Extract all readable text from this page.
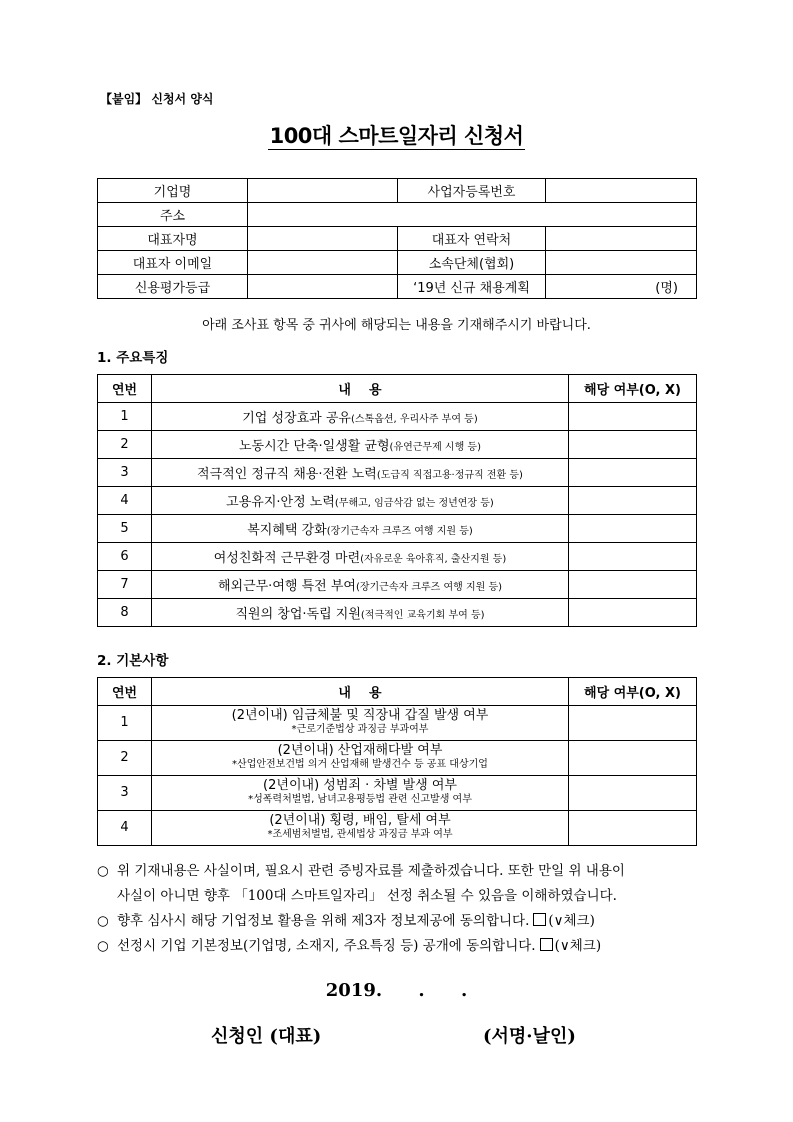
【붙임】 신청서 양식
100대 스마트일자리 신청서
기업명		사업자등록번호	
주소			
대표자명		대표자 연락처	
대표자 이메일		소속단체(협회)	
신용평가등급		‘19년 신규 채용계획	(명)
아래 조사표 항목 중 귀사에 해당되는 내용을 기재해주시기 바랍니다.
1. 주요특징
연번	내    용	해당 여부(O, X)
1	기업 성장효과 공유(스톡옵션, 우리사주 부여 등)	
2	노동시간 단축·일생활 균형(유연근무제 시행 등)	
3	적극적인 정규직 채용·전환 노력(도급직 직접고용·정규직 전환 등)	
4	고용유지·안정 노력(무해고, 임금삭감 없는 정년연장 등)	
5	복지혜택 강화(장기근속자 크루즈 여행 지원 등)	
6	여성친화적 근무환경 마련(자유로운 육아휴직, 출산지원 등)	
7	해외근무·여행 특전 부여(장기근속자 크루즈 여행 지원 등)	
8	직원의 창업·독립 지원(적극적인 교육기회 부여 등)	
2. 기본사항
연번	내    용	해당 여부(O, X)
1	(2년이내) 임금체불 및 직장내 갑질 발생 여부
*근로기준법상 과징금 부과여부	

2	(2년이내) 산업재해다발 여부
*산업안전보건법 의거 산업재해 발생건수 등 공표 대상기업	

3	(2년이내) 성범죄 · 차별 발생 여부
*성폭력처벌법, 남녀고용평등법 관련 신고발생 여부	

4	(2년이내) 횡령, 배임, 탈세 여부
*조세범처벌법, 관세법상 과징금 부과 여부	

○ 위 기재내용은 사실이며, 필요시 관련 증빙자료를 제출하겠습니다. 또한 만일 위 내용이
사실이 아니면 향후 「100대 스마트일자리」 선정 취소될 수 있음을 이해하였습니다.
○ 향후 심사시 해당 기업정보 활용을 위해 제3자 정보제공에 동의합니다.	(∨체크)
○ 선정시 기업 기본정보(기업명, 소재지, 주요특징 등) 공개에 동의합니다.	(∨체크)
2019. . .
신청인 (대표)	(서명·날인)
